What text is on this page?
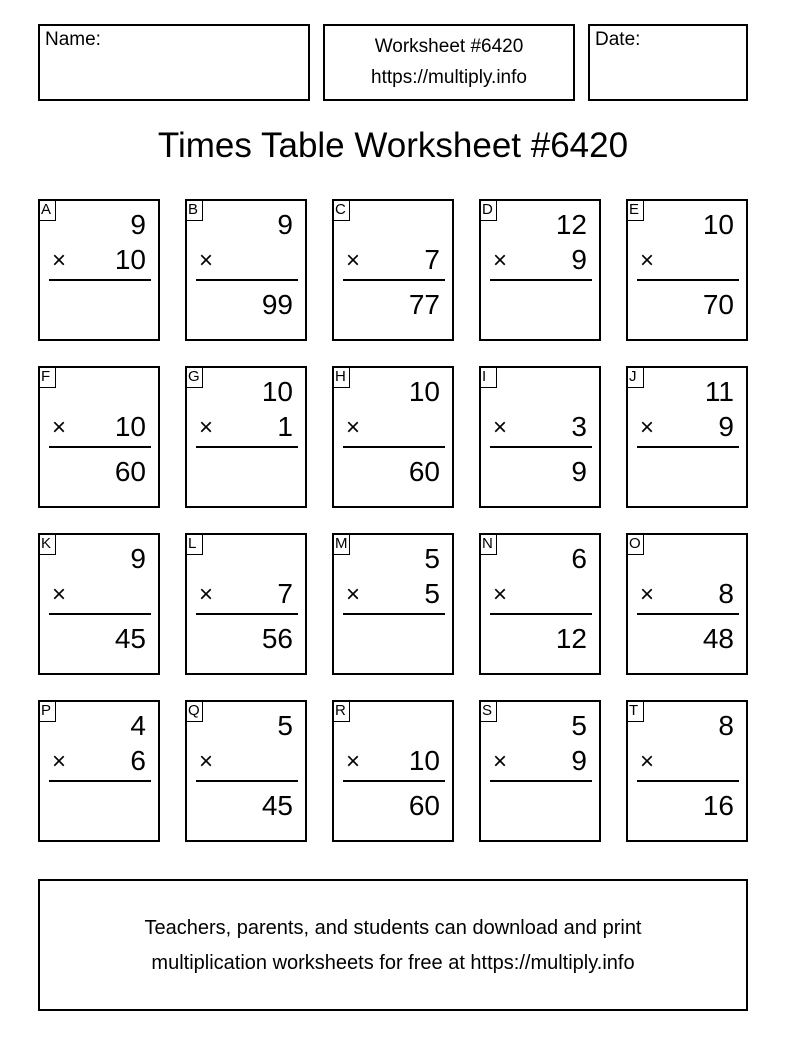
Name:	Worksheet #6420
https://multiply.info
Date:
Times Table Worksheet #6420
A	9
× 10
B	9
×
99
C
× 7
77
D 12
× 9
E 10
×
70
F
× 10
60
G 10
× 1
H 10
×
60
I
× 3
9
J 11
× 9
K	9
×
45
L
× 7
56
M	5
× 5
N	6
×
12
O
× 8
48
P	4
× 6
Q	5
×
45
R
× 10
60
S	5
× 9
T	8
×
16
Teachers, parents, and students can download and print
multiplication worksheets for free at https://multiply.info
